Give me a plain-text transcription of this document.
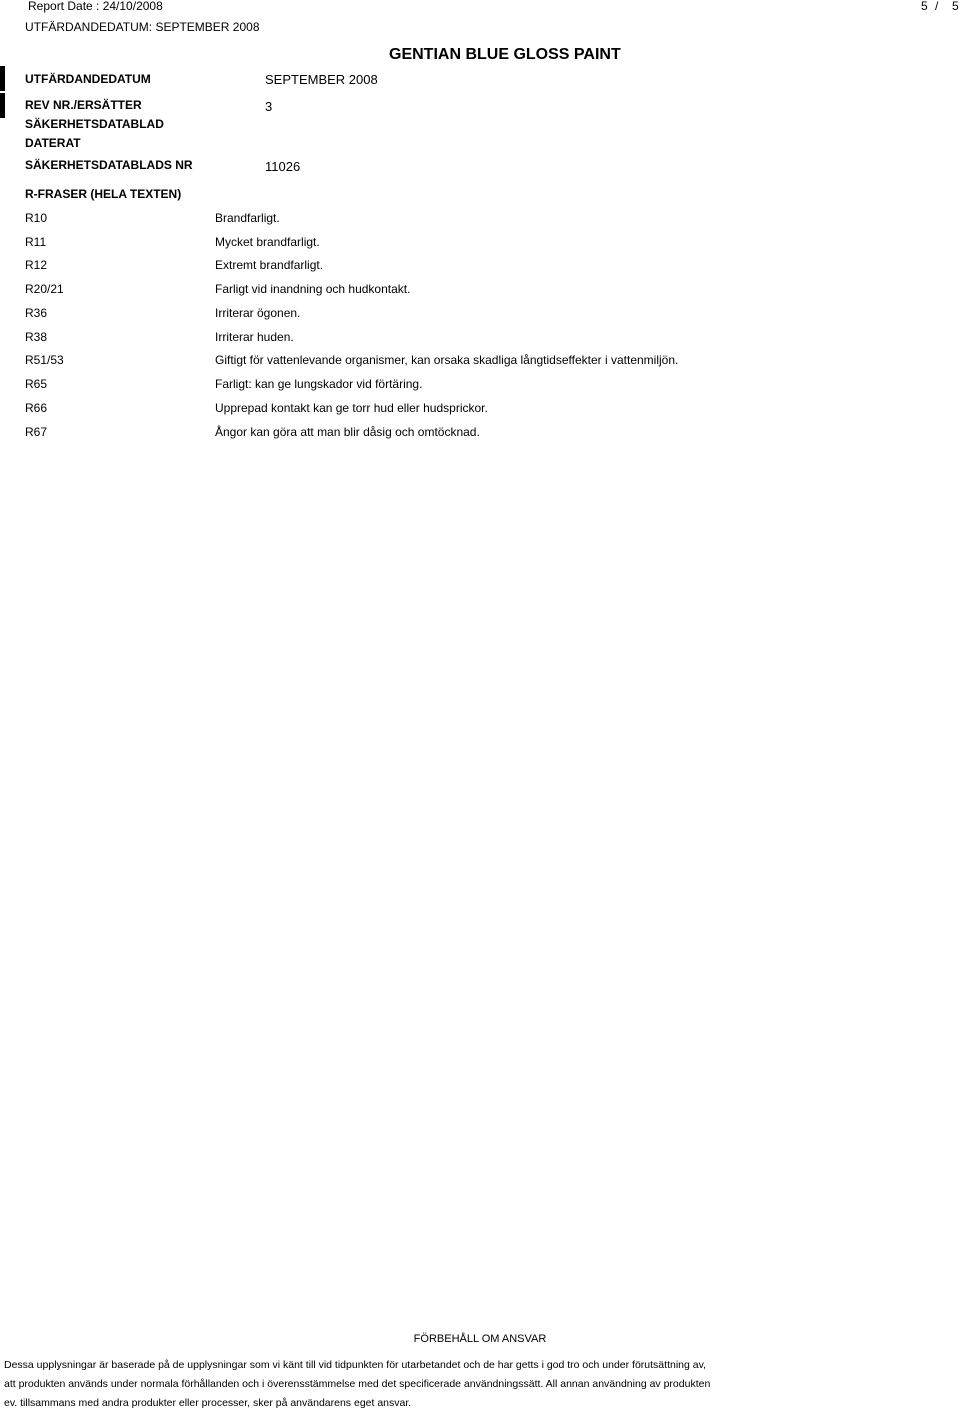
Report Date : 24/10/2008
UTFÄRDANDEDATUM: SEPTEMBER 2008
5 / 5
GENTIAN BLUE GLOSS PAINT
UTFÄRDANDEDATUM	SEPTEMBER 2008
REV NR./ERSÄTTER	3
SÄKERHETSDATABLAD
DATERAT
SÄKERHETSDATABLADS NR	11026
R-FRASER (HELA TEXTEN)
R10	Brandfarligt.
R11	Mycket brandfarligt.
R12	Extremt brandfarligt.
R20/21	Farligt vid inandning och hudkontakt.
R36	Irriterar ögonen.
R38	Irriterar huden.
R51/53	Giftigt för vattenlevande organismer, kan orsaka skadliga långtidseffekter i vattenmiljön.
R65	Farligt: kan ge lungskador vid förtäring.
R66	Upprepad kontakt kan ge torr hud eller hudsprickor.
R67	Ångor kan göra att man blir dåsig och omtöcknad.
FÖRBEHÅLL OM ANSVAR
Dessa upplysningar är baserade på de upplysningar som vi känt till vid tidpunkten för utarbetandet och de har getts i god tro och under förutsättning av,
att produkten används under normala förhållanden och i överensstämmelse med det specificerade användningssätt. All annan användning av produkten
ev. tillsammans med andra produkter eller processer, sker på användarens eget ansvar.
